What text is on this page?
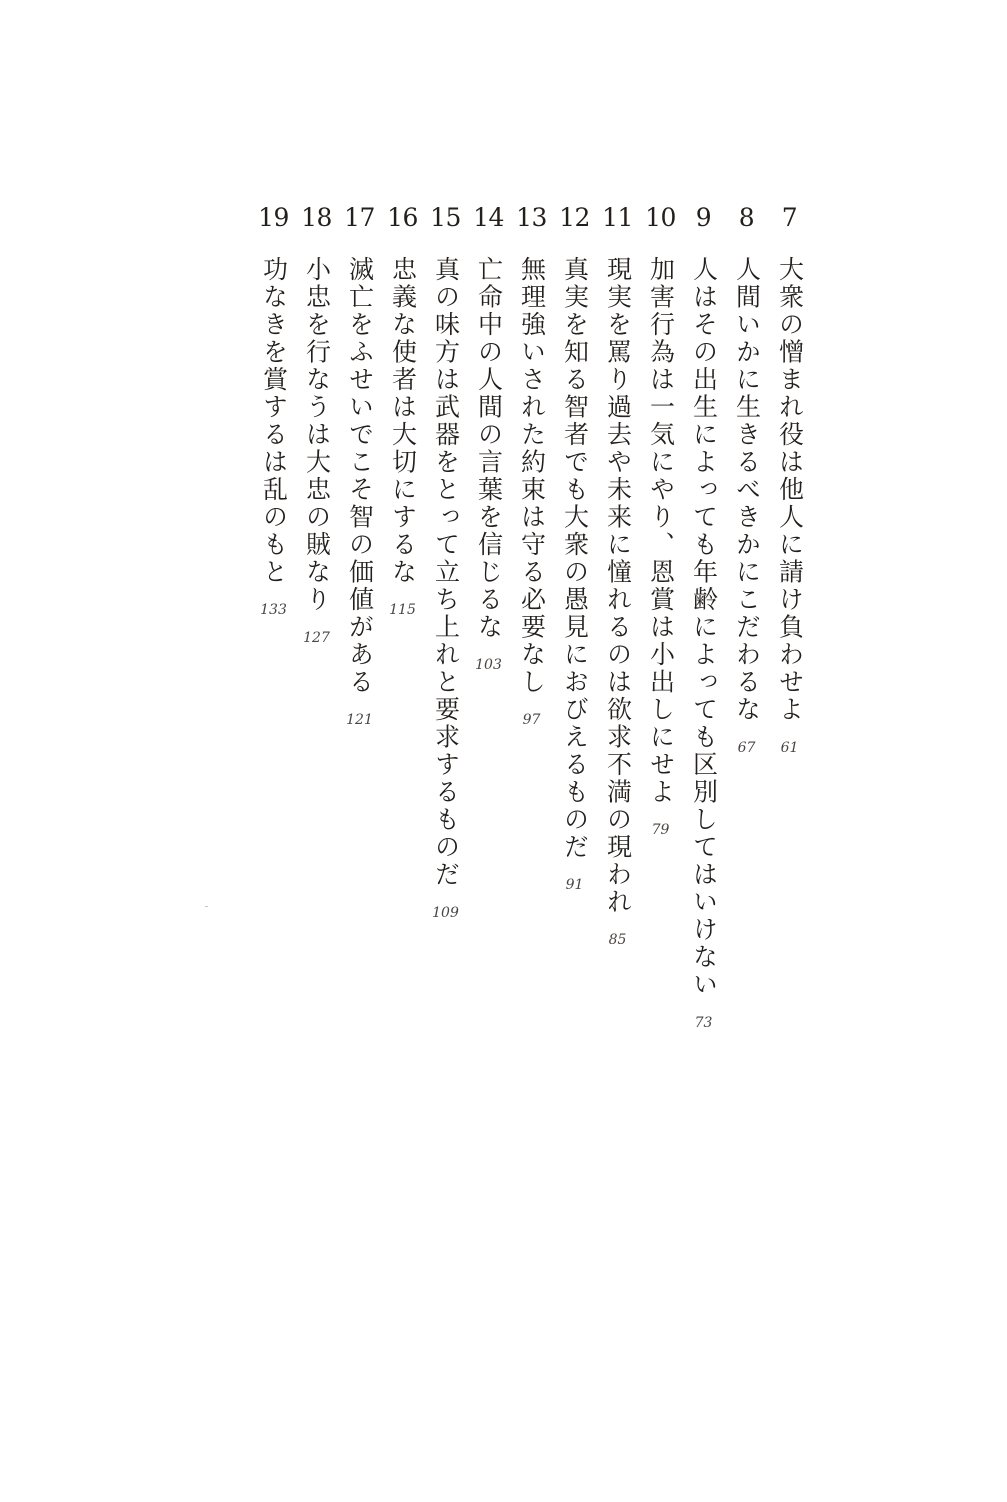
7
大衆の憎まれ役は他人に請け負わせよ
61
8
人間いかに生きるべきかにこだわるな
67
9
人はその出生によっても年齢によっても区別してはいけない
73
10
加害行為は一気にやり、恩賞は小出しにせよ
79
11
現実を罵り過去や未来に憧れるのは欲求不満の現われ
85
12
真実を知る智者でも大衆の愚見におびえるものだ
91
13
無理強いされた約束は守る必要なし
97
14
亡命中の人間の言葉を信じるな
103
15
真の味方は武器をとって立ち上れと要求するものだ
109
16
忠義な使者は大切にするな
115
17
滅亡をふせいでこそ智の価値がある
121
18
小忠を行なうは大忠の賊なり
127
19
功なきを賞するは乱のもと
133
